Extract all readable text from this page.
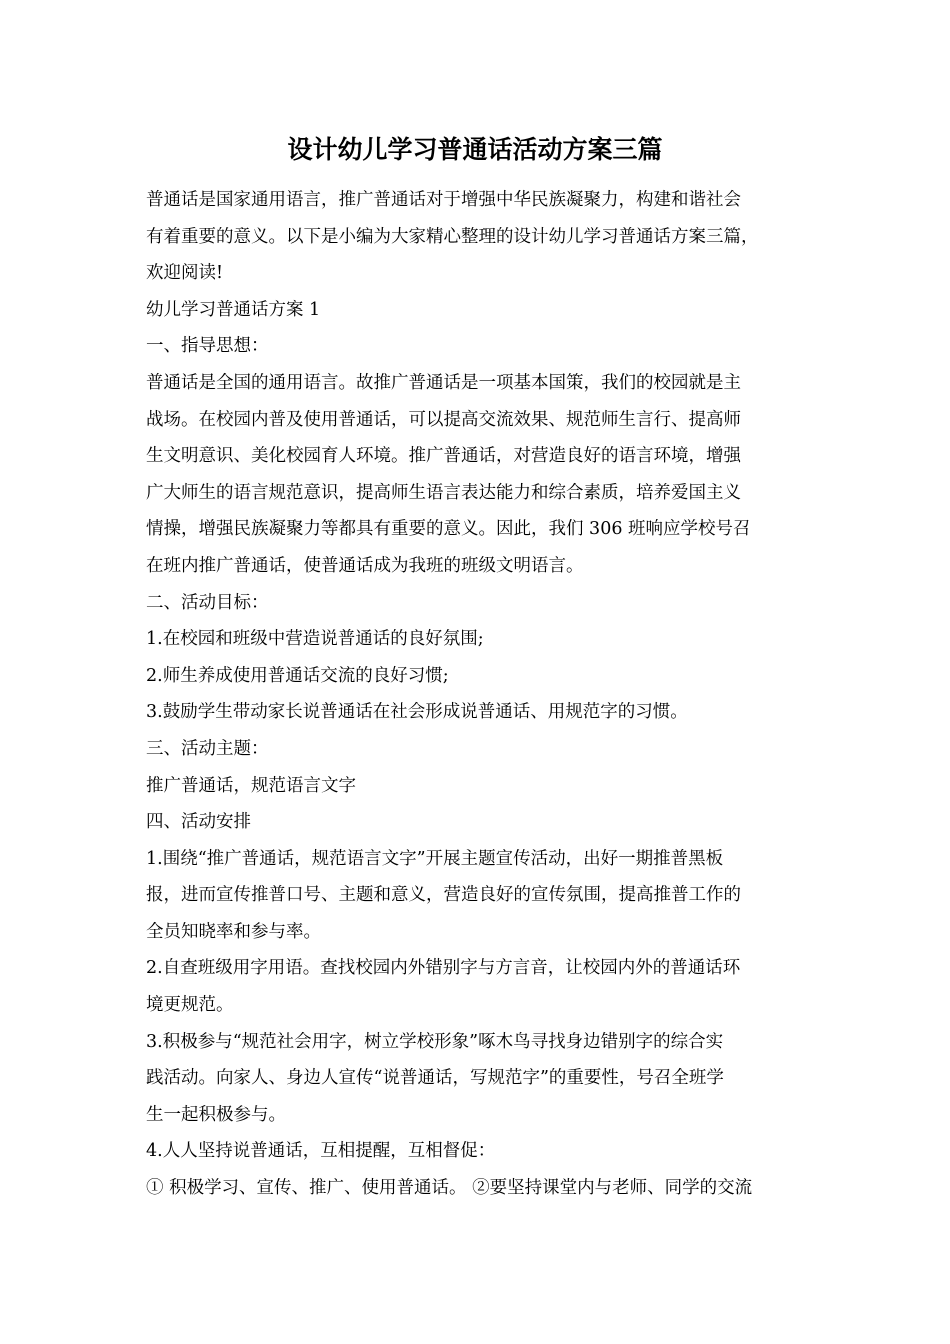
设计幼儿学习普通话活动方案三篇

普通话是国家通用语言，推广普通话对于增强中华民族凝聚力，构建和谐社会

有着重要的意义。以下是小编为大家精心整理的设计幼儿学习普通话方案三篇，

欢迎阅读!

幼儿学习普通话方案 1

一、指导思想：

普通话是全国的通用语言。故推广普通话是一项基本国策，我们的校园就是主

战场。在校园内普及使用普通话，可以提高交流效果、规范师生言行、提高师

生文明意识、美化校园育人环境。推广普通话，对营造良好的语言环境，增强

广大师生的语言规范意识，提高师生语言表达能力和综合素质，培养爱国主义

情操，增强民族凝聚力等都具有重要的意义。因此，我们 306 班响应学校号召

在班内推广普通话，使普通话成为我班的班级文明语言。

二、活动目标：

1.在校园和班级中营造说普通话的良好氛围;

2.师生养成使用普通话交流的良好习惯;

3.鼓励学生带动家长说普通话在社会形成说普通话、用规范字的习惯。

三、活动主题：

推广普通话，规范语言文字

四、活动安排

1.围绕“推广普通话，规范语言文字”开展主题宣传活动，出好一期推普黑板

报，进而宣传推普口号、主题和意义，营造良好的宣传氛围，提高推普工作的

全员知晓率和参与率。

2.自查班级用字用语。查找校园内外错别字与方言音，让校园内外的普通话环

境更规范。

3.积极参与“规范社会用字，树立学校形象”啄木鸟寻找身边错别字的综合实

践活动。向家人、身边人宣传“说普通话，写规范字”的重要性，号召全班学

生一起积极参与。

4.人人坚持说普通话，互相提醒，互相督促：

① 积极学习、宣传、推广、使用普通话。 ②要坚持课堂内与老师、同学的交流
